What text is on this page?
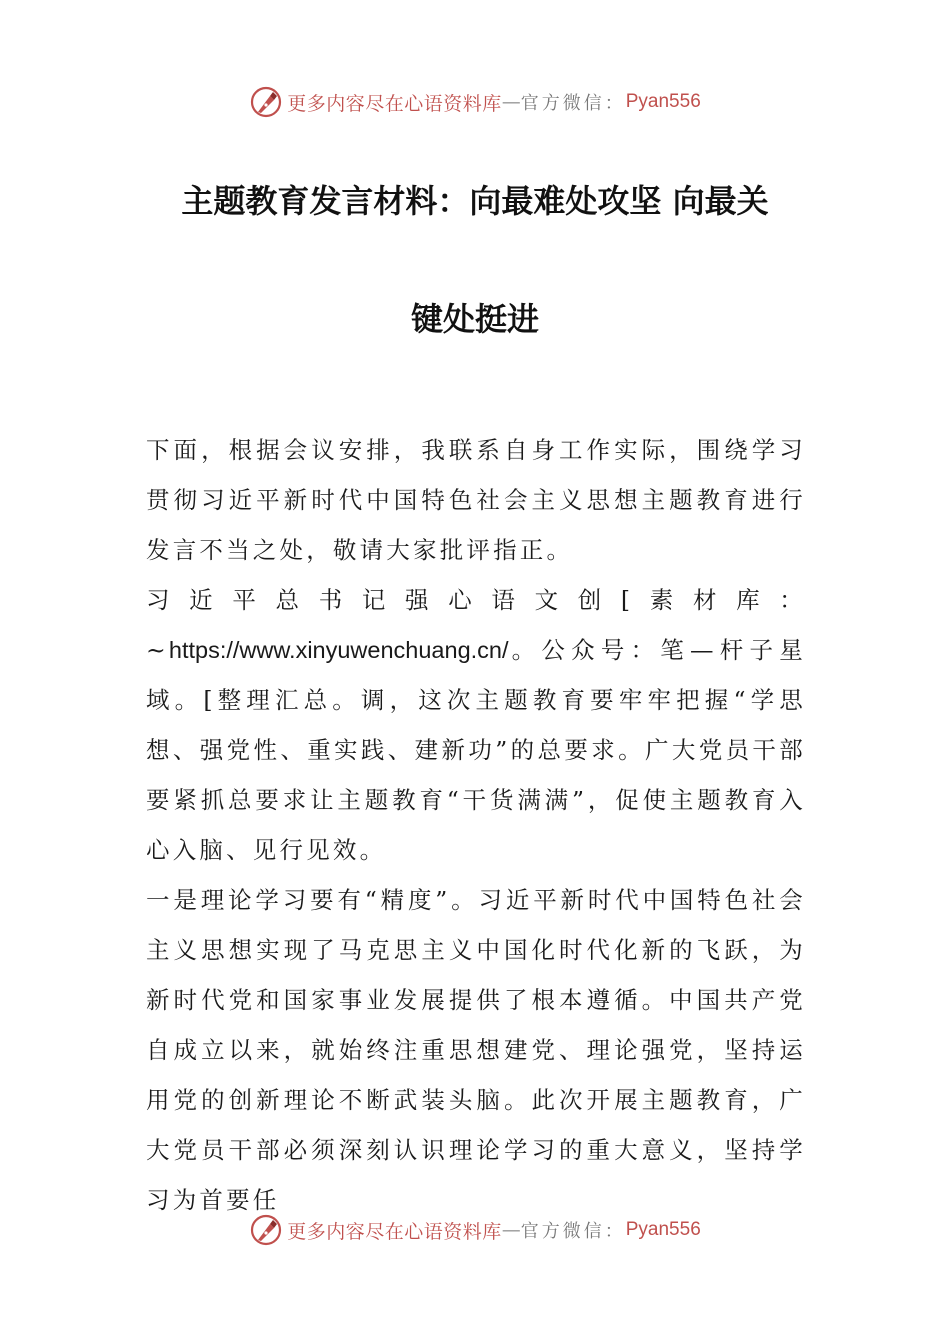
更多内容尽在心语资料库 — 官方微信： Pyan556
主题教育发言材料：向最难处攻坚 向最关
键处挺进

下面，根据会议安排，我联系自身工作实际，围绕学习贯彻习近平新时代中国特色社会主义思想主题教育进行发言不当之处，敬请大家批评指正。

习近平总书记强心语文创[素材库：~https://www.xinyuwenchuang.cn/。公众号：笔—杆子星域。[整理汇总。调，这次主题教育要牢牢把握“学思想、强党性、重实践、建新功”的总要求。广大党员干部要紧抓总要求让主题教育“干货满满”，促使主题教育入心入脑、见行见效。

一是理论学习要有“精度”。习近平新时代中国特色社会主义思想实现了马克思主义中国化时代化新的飞跃，为新时代党和国家事业发展提供了根本遵循。中国共产党自成立以来，就始终注重思想建党、理论强党，坚持运用党的创新理论不断武装头脑。此次开展主题教育，广大党员干部必须深刻认识理论学习的重大意义，坚持学习为首要任

更多内容尽在心语资料库 — 官方微信： Pyan556
